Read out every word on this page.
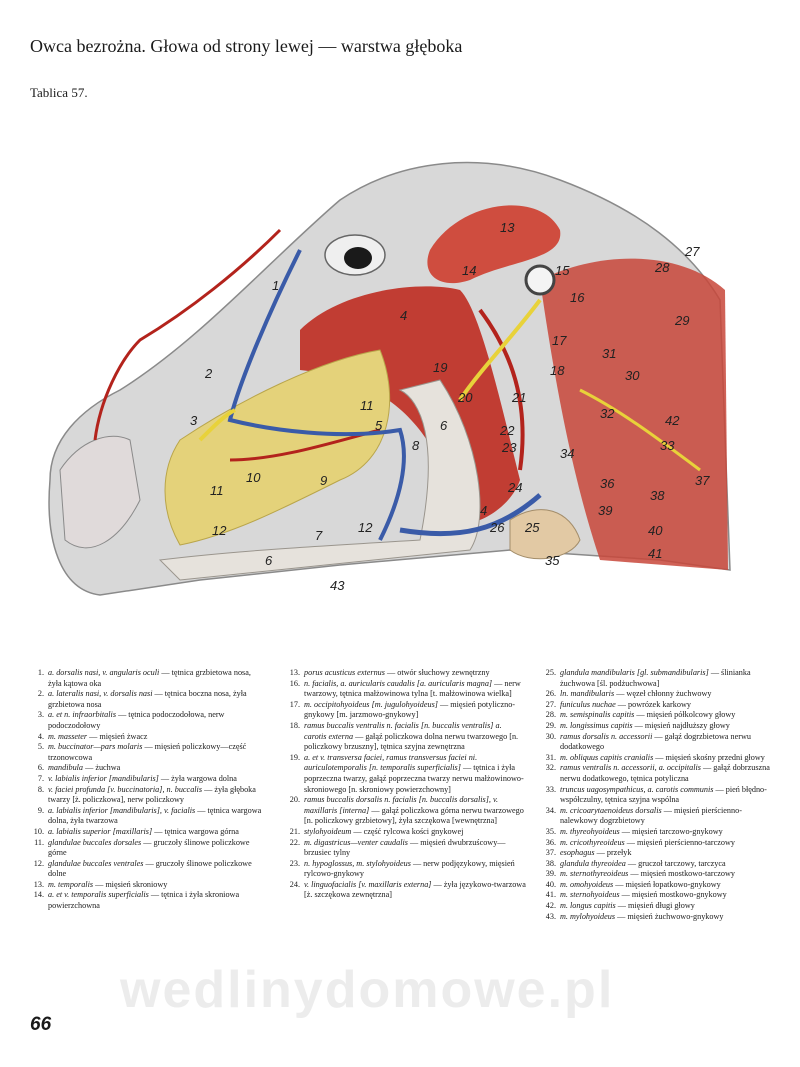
Owca bezrożna. Głowa od strony lewej — warstwa głęboka
Tablica 57.
1
2
3
4
4
5	6
6
7
8
9
10
11
11
12	12
13
14	15
16
17
18
19
20	21
22
23
24
25
26
27
28
29
30
31
32
33
34
35
36	37
38
39
40
41
42
43
1. a. dorsalis nasi, v. angularis oculi — tętnica grzbietowa nosa, żyła kątowa oka
2. a. lateralis nasi, v. dorsalis nasi — tętnica boczna nosa, żyła grzbietowa nosa
3. a. et n. infraorbitalis — tętnica podoczodołowa, nerw podoczodołowy
4. m. masseter — mięsień żwacz
5. m. buccinator—pars molaris — mięsień policzkowy—część trzonowcowa
6. mandibula — żuchwa
7. v. labialis inferior [mandibularis] — żyła wargowa dolna
8. v. faciei profunda [v. buccinatoria], n. buccalis — żyła głęboka twarzy [ż. policzkowa], nerw policzkowy
9. a. labialis inferior [mandibularis], v. facialis — tętnica wargowa dolna, żyła twarzowa
10. a. labialis superior [maxillaris] — tętnica wargowa górna
11. glandulae buccales dorsales — gruczoły ślinowe policzkowe górne
12. glandulae buccales ventrales — gruczoły ślinowe policzkowe dolne
13. m. temporalis — mięsień skroniowy
14. a. et v. temporalis superficialis — tętnica i żyła skroniowa powierzchowna
13. porus acusticus externus — otwór słuchowy zewnętrzny
16. n. facialis, a. auricularis caudalis [a. auricularis magna] — nerw twarzowy, tętnica małżowinowa tylna [t. małżowinowa wielka]
17. m. occipitohyoideus [m. jugulohyoideus] — mięsień potyliczno-gnykowy [m. jarzmowo-gnykowy]
18. ramus buccalis ventralis n. facialis [n. buccalis ventralis] a. carotis externa — gałąź policzkowa dolna nerwu twarzowego [n. policzkowy brzuszny], tętnica szyjna zewnętrzna
19. a. et v. transversa faciei, ramus transversus faciei ni. auriculotemporalis [n. temporalis superficialis] — tętnica i żyła poprzeczna twarzy, gałąź poprzeczna twarzy nerwu małżowinowo-skroniowego [n. skroniowy powierzchowny]
20. ramus buccalis dorsalis n. facialis [n. buccalis dorsalis], v. maxillaris [interna] — gałąź policzkowa górna nerwu twarzowego [n. policzkowy grzbietowy], żyła szczękowa [wewnętrzna]
21. stylohyoideum — część rylcowa kości gnykowej
22. m. digastricus—venter caudalis — mięsień dwubrzuścowy—brzusiec tylny
23. n. hypoglossus, m. stylohyoideus — nerw podjęzykowy, mięsień rylcowo-gnykowy
24. v. linguofacialis [v. maxillaris externa] — żyła językowo-twarzowa [ż. szczękowa zewnętrzna]
25. glandula mandibularis [gl. submandibularis] — ślinianka żuchwowa [śl. podżuchwowa]
26. ln. mandibularis — węzeł chłonny żuchwowy
27. funiculus nuchae — powrózek karkowy
28. m. semispinalis capitis — mięsień półkolcowy głowy
29. m. longissimus capitis — mięsień najdłuższy głowy
30. ramus dorsalis n. accessorii — gałąź dogrzbietowa nerwu dodatkowego
31. m. obliquus capitis cranialis — mięsień skośny przedni głowy
32. ramus ventralis n. accessorii, a. occipitalis — gałąź dobrzuszna nerwu dodatkowego, tętnica potyliczna
33. truncus uagosympathicus, a. carotis communis — pień błędno-współczulny, tętnica szyjna wspólna
34. m. cricoarytaenoideus dorsalis — mięsień pierścienno-nalewkowy dogrzbietowy
35. m. thyreohyoideus — mięsień tarczowo-gnykowy
36. m. cricothyreoideus — mięsień pierścienno-tarczowy
37. esophagus — przełyk
38. glandula thyreoidea — gruczoł tarczowy, tarczyca
39. m. sternothyreoideus — mięsień mostkowo-tarczowy
40. m. omohyoideus — mięsień łopatkowo-gnykowy
41. m. sternohyoideus — mięsień mostkowo-gnykowy
42. m. longus capitis — mięsień długi głowy
43. m. mylohyoideus — mięsień żuchwowo-gnykowy
wedlinydomowe.pl
66
